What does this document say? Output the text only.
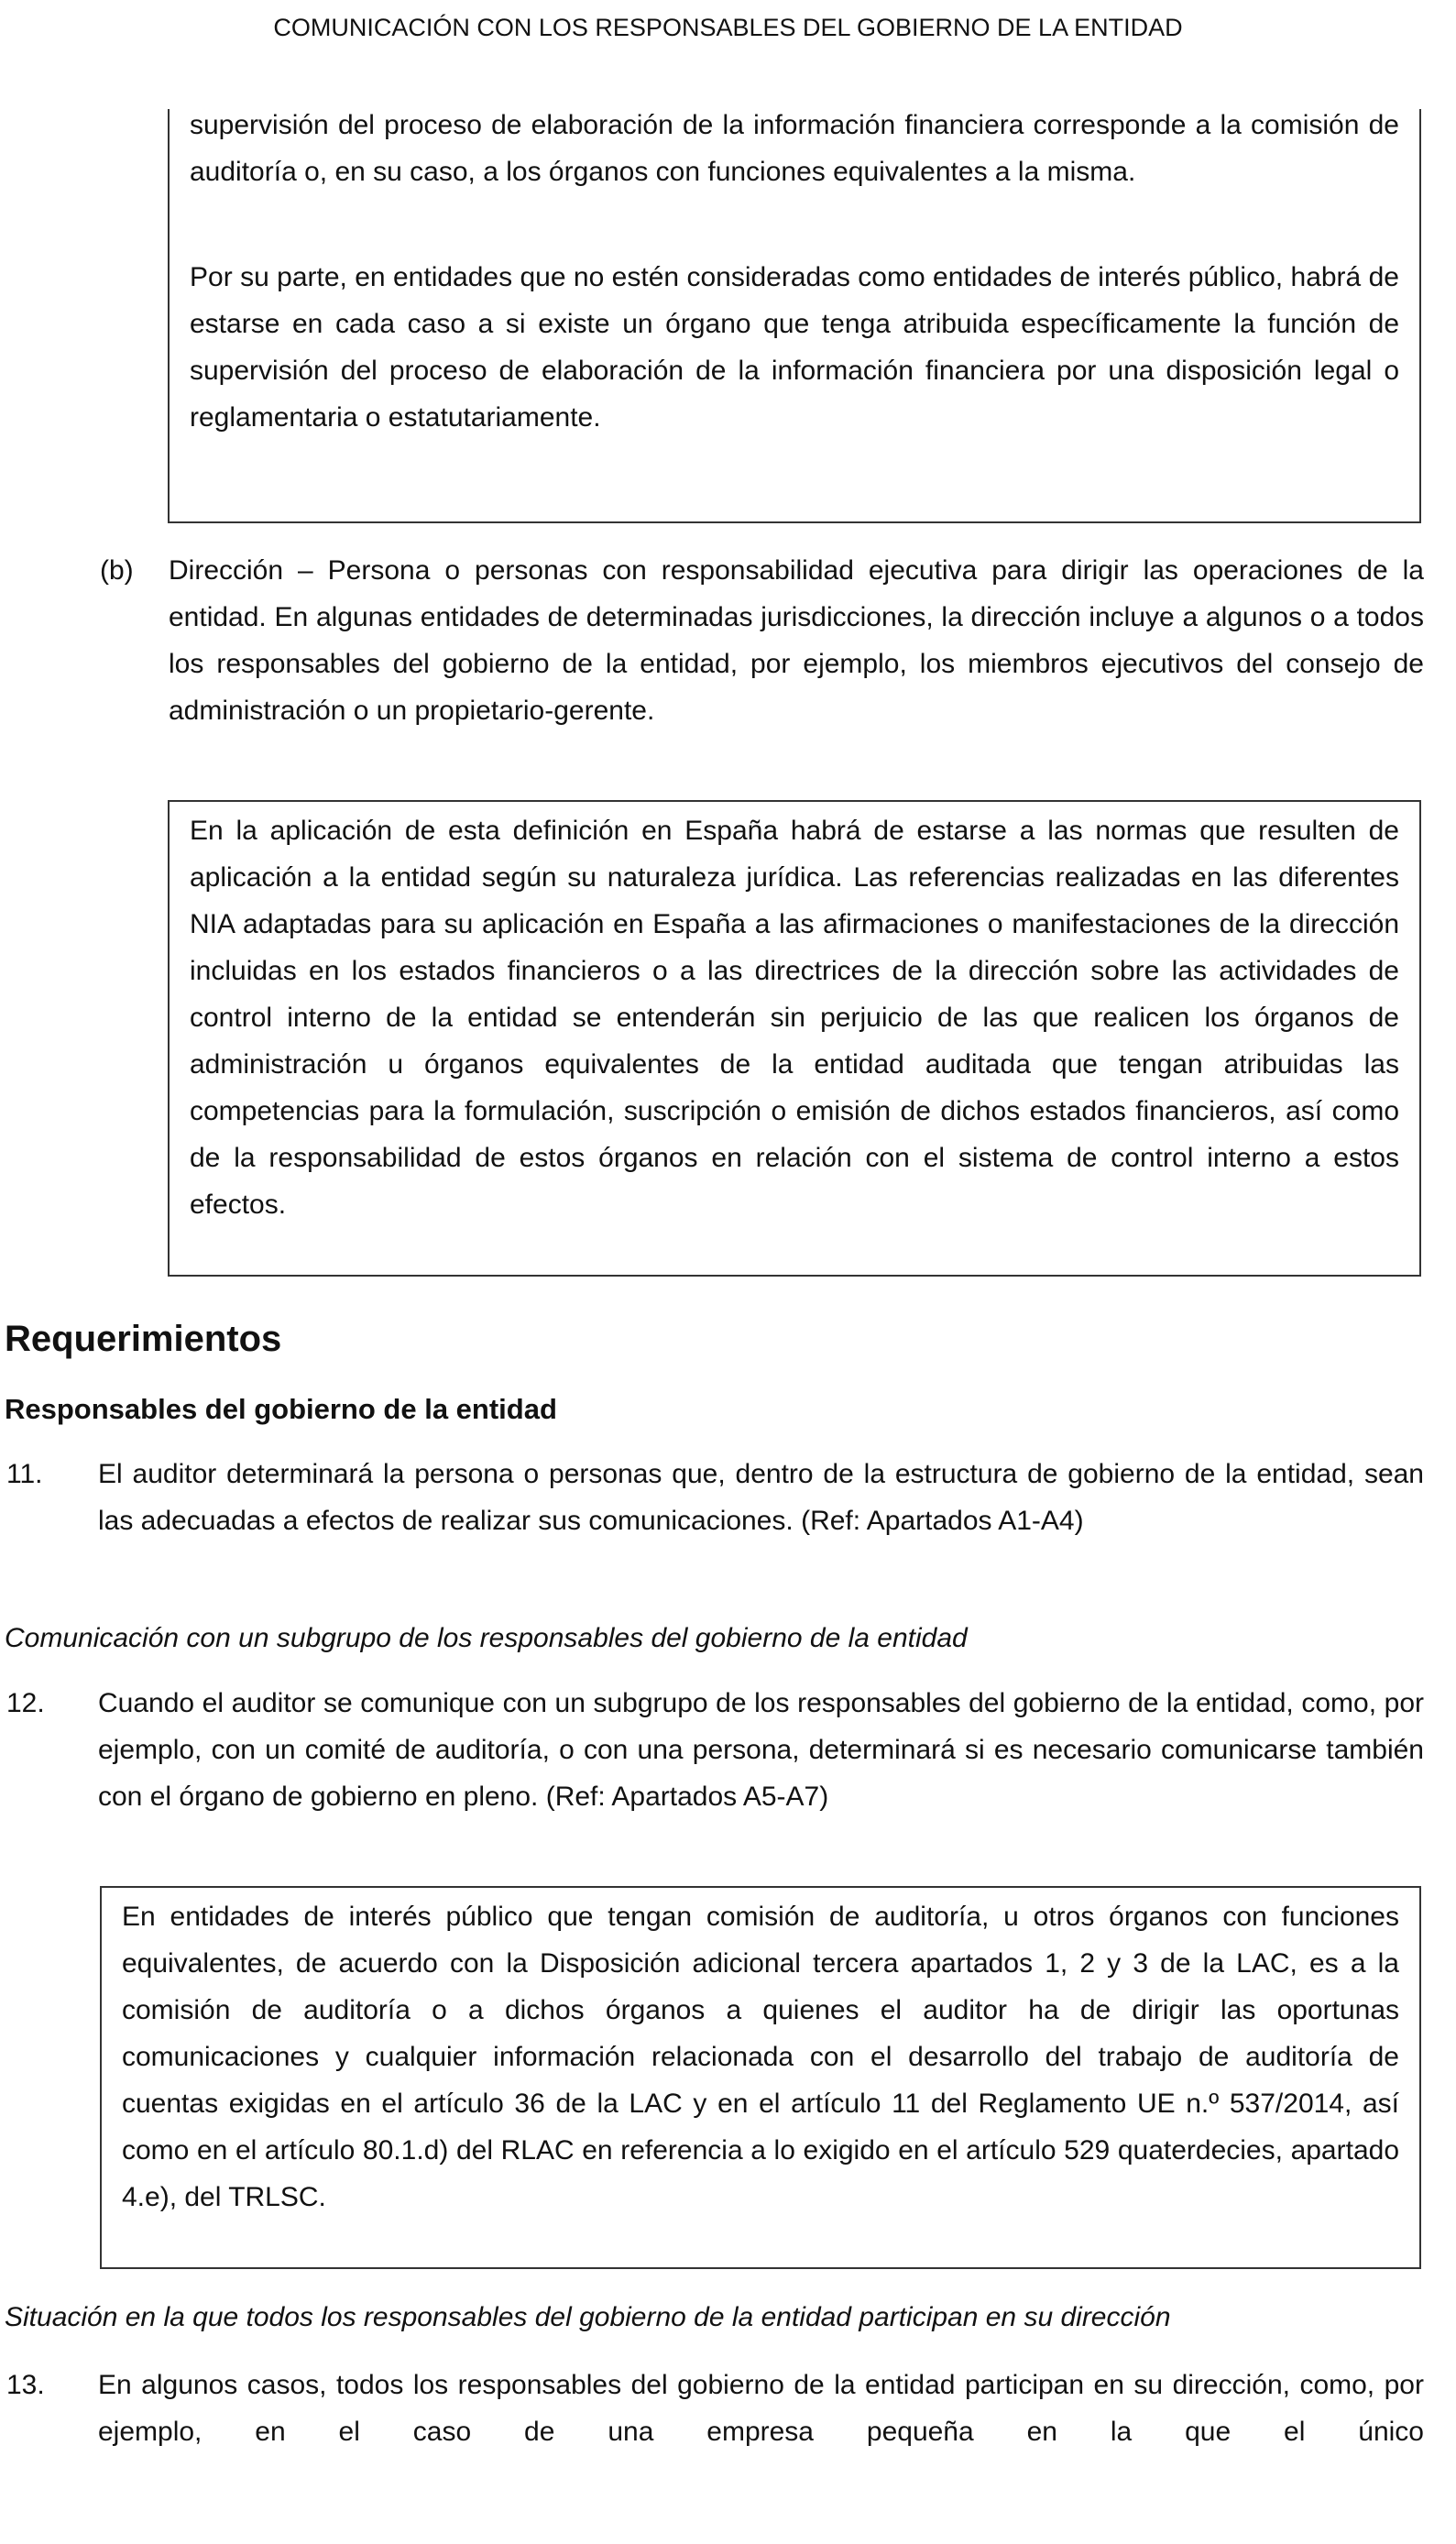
COMUNICACIÓN CON LOS RESPONSABLES DEL GOBIERNO DE LA ENTIDAD

supervisión del proceso de elaboración de la información financiera corresponde a la comisión de auditoría o, en su caso, a los órganos con funciones equivalentes a la misma.

Por su parte, en entidades que no estén consideradas como entidades de interés público, habrá de estarse en cada caso a si existe un órgano que tenga atribuida específicamente la función de supervisión del proceso de elaboración de la información financiera por una disposición legal o reglamentaria o estatutariamente.

(b) Dirección – Persona o personas con responsabilidad ejecutiva para dirigir las operaciones de la entidad. En algunas entidades de determinadas jurisdicciones, la dirección incluye a algunos o a todos los responsables del gobierno de la entidad, por ejemplo, los miembros ejecutivos del consejo de administración o un propietario-gerente.

En la aplicación de esta definición en España habrá de estarse a las normas que resulten de aplicación a la entidad según su naturaleza jurídica. Las referencias realizadas en las diferentes NIA adaptadas para su aplicación en España a las afirmaciones o manifestaciones de la dirección incluidas en los estados financieros o a las directrices de la dirección sobre las actividades de control interno de la entidad se entenderán sin perjuicio de las que realicen los órganos de administración u órganos equivalentes de la entidad auditada que tengan atribuidas las competencias para la formulación, suscripción o emisión de dichos estados financieros, así como de la responsabilidad de estos órganos en relación con el sistema de control interno a estos efectos.

Requerimientos
Responsables del gobierno de la entidad
11. El auditor determinará la persona o personas que, dentro de la estructura de gobierno de la entidad, sean las adecuadas a efectos de realizar sus comunicaciones. (Ref: Apartados A1-A4)

Comunicación con un subgrupo de los responsables del gobierno de la entidad
12. Cuando el auditor se comunique con un subgrupo de los responsables del gobierno de la entidad, como, por ejemplo, con un comité de auditoría, o con una persona, determinará si es necesario comunicarse también con el órgano de gobierno en pleno. (Ref: Apartados A5-A7)

En entidades de interés público que tengan comisión de auditoría, u otros órganos con funciones equivalentes, de acuerdo con la Disposición adicional tercera apartados 1, 2 y 3 de la LAC, es a la comisión de auditoría o a dichos órganos a quienes el auditor ha de dirigir las oportunas comunicaciones y cualquier información relacionada con el desarrollo del trabajo de auditoría de cuentas exigidas en el artículo 36 de la LAC y en el artículo 11 del Reglamento UE n.º 537/2014, así como en el artículo 80.1.d) del RLAC en referencia a lo exigido en el artículo 529 quaterdecies, apartado 4.e), del TRLSC.

Situación en la que todos los responsables del gobierno de la entidad participan en su dirección
13. En algunos casos, todos los responsables del gobierno de la entidad participan en su dirección, como, por ejemplo, en el caso de una empresa pequeña en la que el único
